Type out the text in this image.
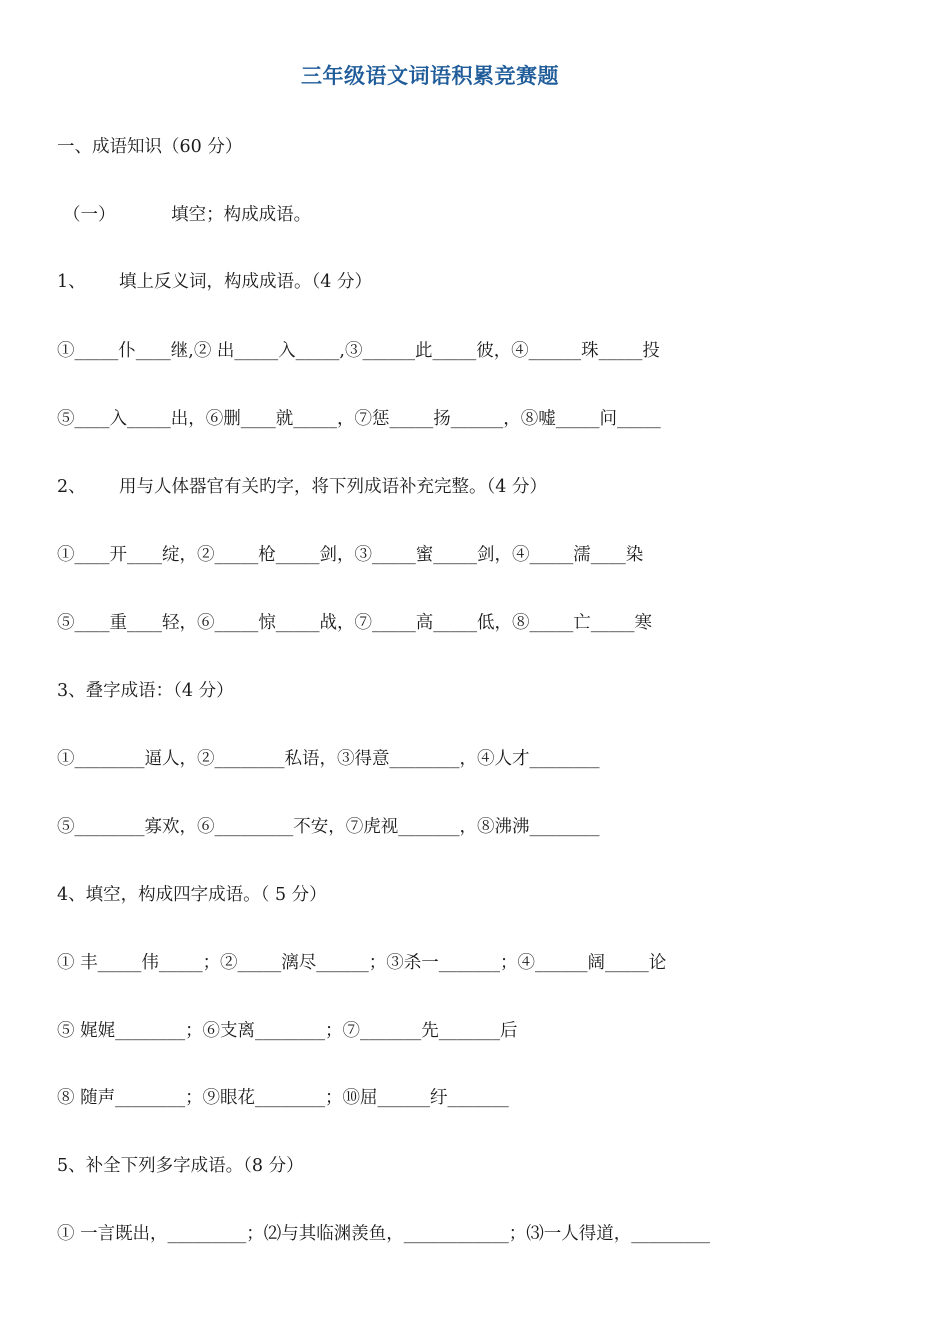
三年级语文词语积累竞赛题
一、成语知识（60 分）
（一）          填空；构成成语。
1、      填上反义词，构成成语。（4 分）
①_____仆____继,② 出_____入_____,③______此_____彼，④______珠_____投
⑤____入_____出，⑥删____就_____，⑦惩_____扬______，⑧嘘_____问_____
2、      用与人体器官有关旳字，将下列成语补充完整。（4 分）
①____开____绽，②_____枪_____剑，③_____蜜_____剑，④_____濡____染
⑤____重____轻，⑥_____惊_____战，⑦_____高_____低，⑧_____亡_____寒
3、叠字成语：（4 分）
①________逼人，②________私语，③得意________，④人才________
⑤________寡欢，⑥_________不安，⑦虎视_______，⑧沸沸________
4、填空，构成四字成语。（ 5 分）
① 丰_____伟_____；②_____漓尽______；③杀一_______；④______阔_____论
⑤ 娓娓________；⑥支离________；⑦_______先_______后
⑧ 随声________；⑨眼花________；⑩屈______纡_______
5、补全下列多字成语。（8 分）
① 一言既出，_________；⑵与其临渊羡鱼，____________；⑶一人得道，_________
